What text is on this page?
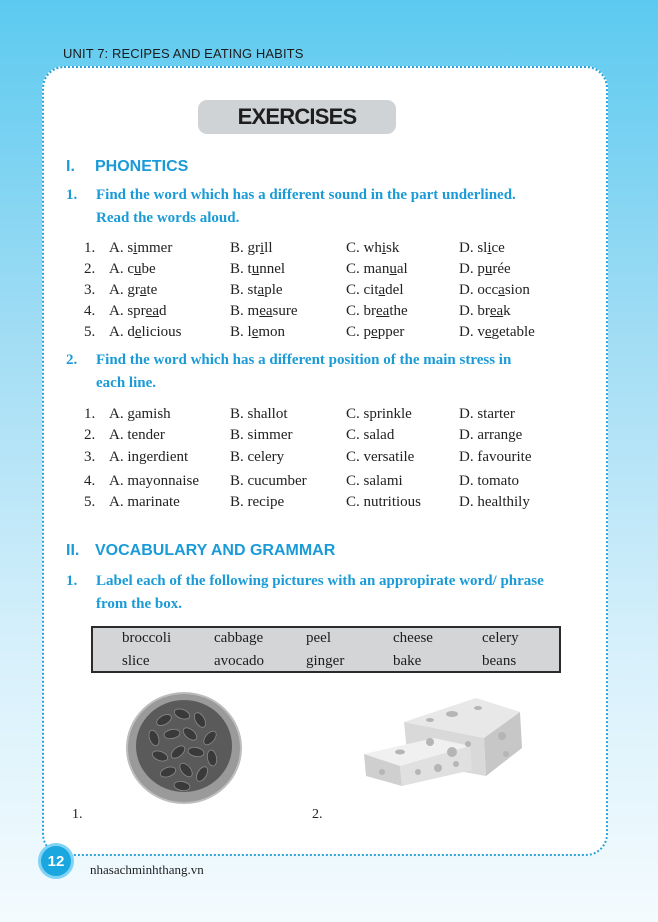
UNIT 7: RECIPES AND EATING HABITS
EXERCISES
I. PHONETICS
1. Find the word which has a different sound in the part underlined.
Read the words aloud.
1. A. simmer	B. grill	C. whisk	D. slice
2. A. cube	B. tunnel	C. manual	D. purée
3. A. grate	B. staple	C. citadel	D. occasion
4. A. spread	B. measure	C. breathe	D. break
5. A. delicious	B. lemon	C. pepper	D. vegetable
2. Find the word which has a different position of the main stress in
each line.
1. A. gamish	B. shallot	C. sprinkle	D. starter
2. A. tender	B. simmer	C. salad	D. arrange
3. A. ingerdient	B. celery	C. versatile	D. favourite
4. A. mayonnaise B. cucumber	C. salami	D. tomato
5. A. marinate	B. recipe	C. nutritious	D. healthily
II. VOCABULARY AND GRAMMAR
1. Label each of the following pictures with an appropirate word/ phrase
from the box.
broccoli	cabbage	peel	cheese	celery
slice	avocado	ginger	bake	beans
1.	2.
12	nhasachminhthang.vn
